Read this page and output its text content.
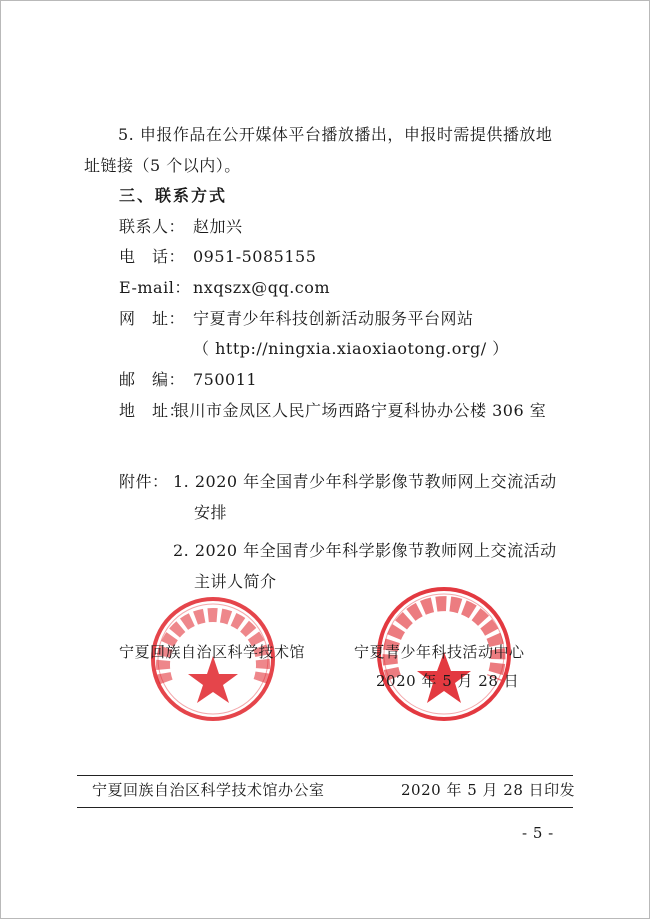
5. 申报作品在公开媒体平台播放播出，申报时需提供播放地
址链接（5 个以内）。
三、联系方式
联系人： 赵加兴
电　话： 0951-5085155
E-mail： nxqszx@qq.com
网　址： 宁夏青少年科技创新活动服务平台网站
（ http://ningxia.xiaoxiaotong.org/ ）
邮　编： 750011
地　址：
银川市金凤区人民广场西路宁夏科协办公楼 306 室
附件： 1. 2020 年全国青少年科学影像节教师网上交流活动
安排
2. 2020 年全国青少年科学影像节教师网上交流活动
主讲人简介
宁夏回族自治区科学技术馆	宁夏青少年科技活动中心
2020 年 5 月 28 日
宁夏回族自治区科学技术馆办公室	2020 年 5 月 28 日印发
- 5 -
